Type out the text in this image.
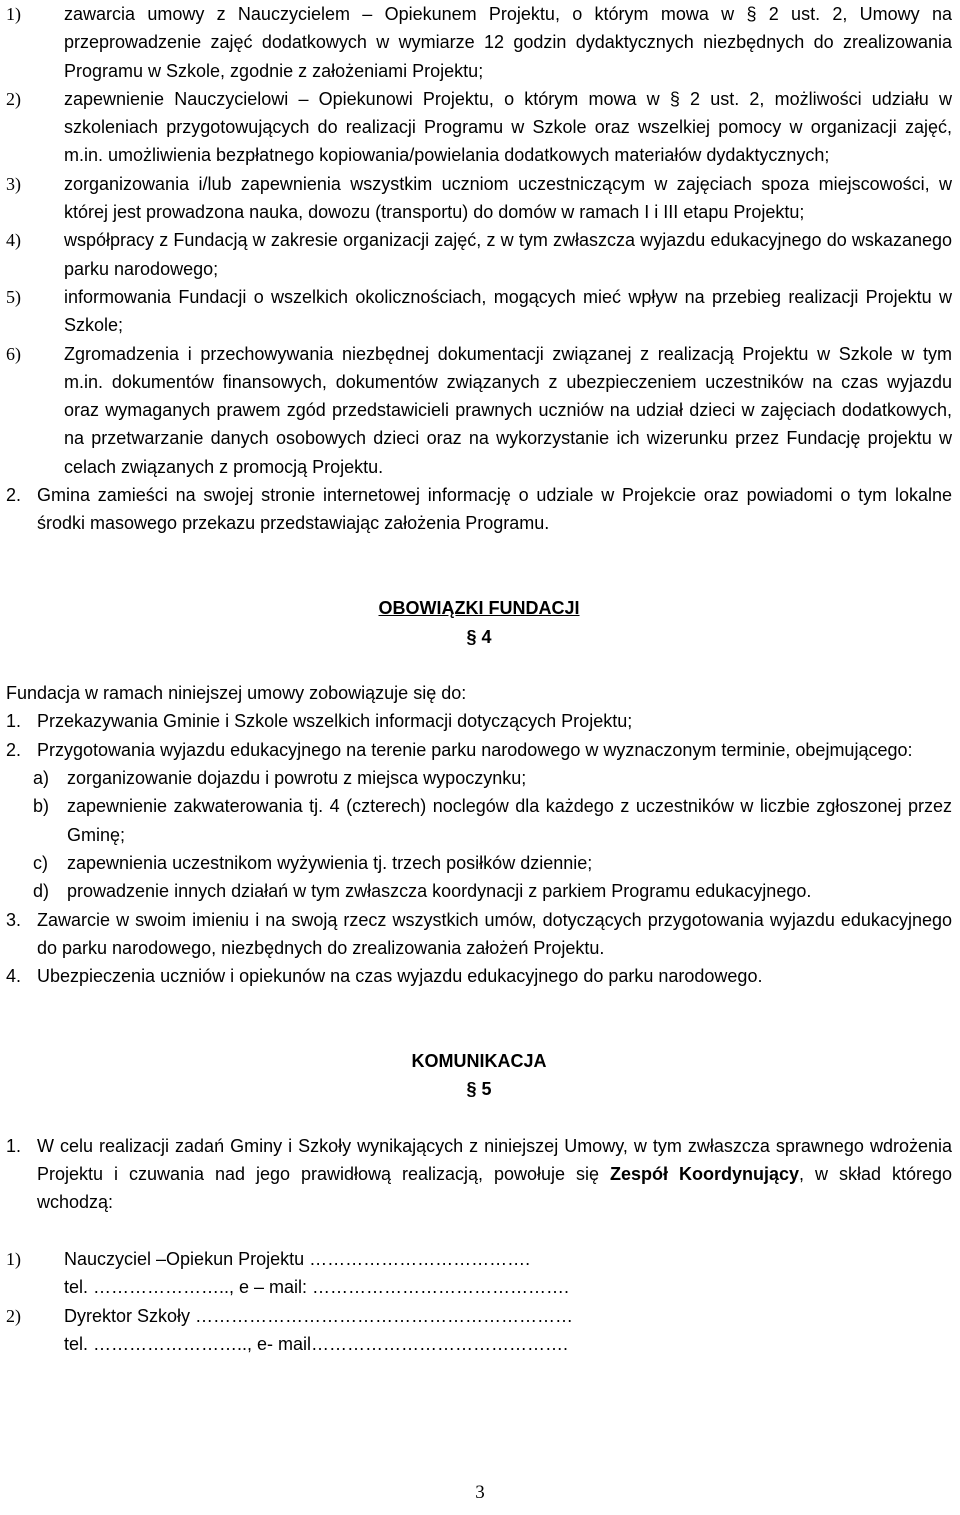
1) zawarcia umowy z Nauczycielem – Opiekunem Projektu, o którym mowa w § 2 ust. 2, Umowy na przeprowadzenie zajęć dodatkowych w wymiarze 12 godzin dydaktycznych niezbędnych do zrealizowania Programu w Szkole, zgodnie z założeniami Projektu;
2) zapewnienie Nauczycielowi – Opiekunowi Projektu, o którym mowa w § 2 ust. 2, możliwości udziału w szkoleniach przygotowujących do realizacji Programu w Szkole oraz wszelkiej pomocy w organizacji zajęć, m.in. umożliwienia bezpłatnego kopiowania/powielania dodatkowych materiałów dydaktycznych;
3) zorganizowania i/lub zapewnienia wszystkim uczniom uczestniczącym w zajęciach spoza miejscowości, w której jest prowadzona nauka, dowozu (transportu) do domów w ramach I i III etapu Projektu;
4) współpracy z Fundacją w zakresie organizacji zajęć, z w tym zwłaszcza wyjazdu edukacyjnego do wskazanego parku narodowego;
5) informowania Fundacji o wszelkich okolicznościach, mogących mieć wpływ na przebieg realizacji Projektu w Szkole;
6) Zgromadzenia i przechowywania niezbędnej dokumentacji związanej z realizacją Projektu w Szkole w tym m.in. dokumentów finansowych, dokumentów związanych z ubezpieczeniem uczestników na czas wyjazdu oraz wymaganych prawem zgód przedstawicieli prawnych uczniów na udział dzieci w zajęciach dodatkowych, na przetwarzanie danych osobowych dzieci oraz na wykorzystanie ich wizerunku przez Fundację projektu w celach związanych z promocją Projektu.
2. Gmina zamieści na swojej stronie internetowej informację o udziale w Projekcie oraz powiadomi o tym lokalne środki masowego przekazu przedstawiając założenia Programu.
OBOWIĄZKI FUNDACJI
§ 4
Fundacja w ramach niniejszej umowy zobowiązuje się do:
1. Przekazywania Gminie i Szkole wszelkich informacji dotyczących Projektu;
2. Przygotowania wyjazdu edukacyjnego na terenie parku narodowego w wyznaczonym terminie, obejmującego:
a) zorganizowanie dojazdu i powrotu z miejsca wypoczynku;
b) zapewnienie zakwaterowania tj. 4 (czterech) noclegów dla każdego z uczestników w liczbie zgłoszonej przez Gminę;
c) zapewnienia uczestnikom wyżywienia tj. trzech posiłków dziennie;
d) prowadzenie innych działań w tym zwłaszcza koordynacji z parkiem Programu edukacyjnego.
3. Zawarcie w swoim imieniu i na swoją rzecz wszystkich umów, dotyczących przygotowania wyjazdu edukacyjnego do parku narodowego, niezbędnych do zrealizowania założeń Projektu.
4. Ubezpieczenia uczniów i opiekunów na czas wyjazdu edukacyjnego do parku narodowego.
KOMUNIKACJA
§ 5
1. W celu realizacji zadań Gminy i Szkoły wynikających z niniejszej Umowy, w tym zwłaszcza sprawnego wdrożenia Projektu i czuwania nad jego prawidłową realizacją, powołuje się Zespół Koordynujący, w skład którego wchodzą:
1) Nauczyciel –Opiekun Projektu ……………………………….
tel. ………………….., e – mail: …………………………………….
2) Dyrektor Szkoły ………………………………………………………
tel. …………………….., e- mail…………………………………….
3
